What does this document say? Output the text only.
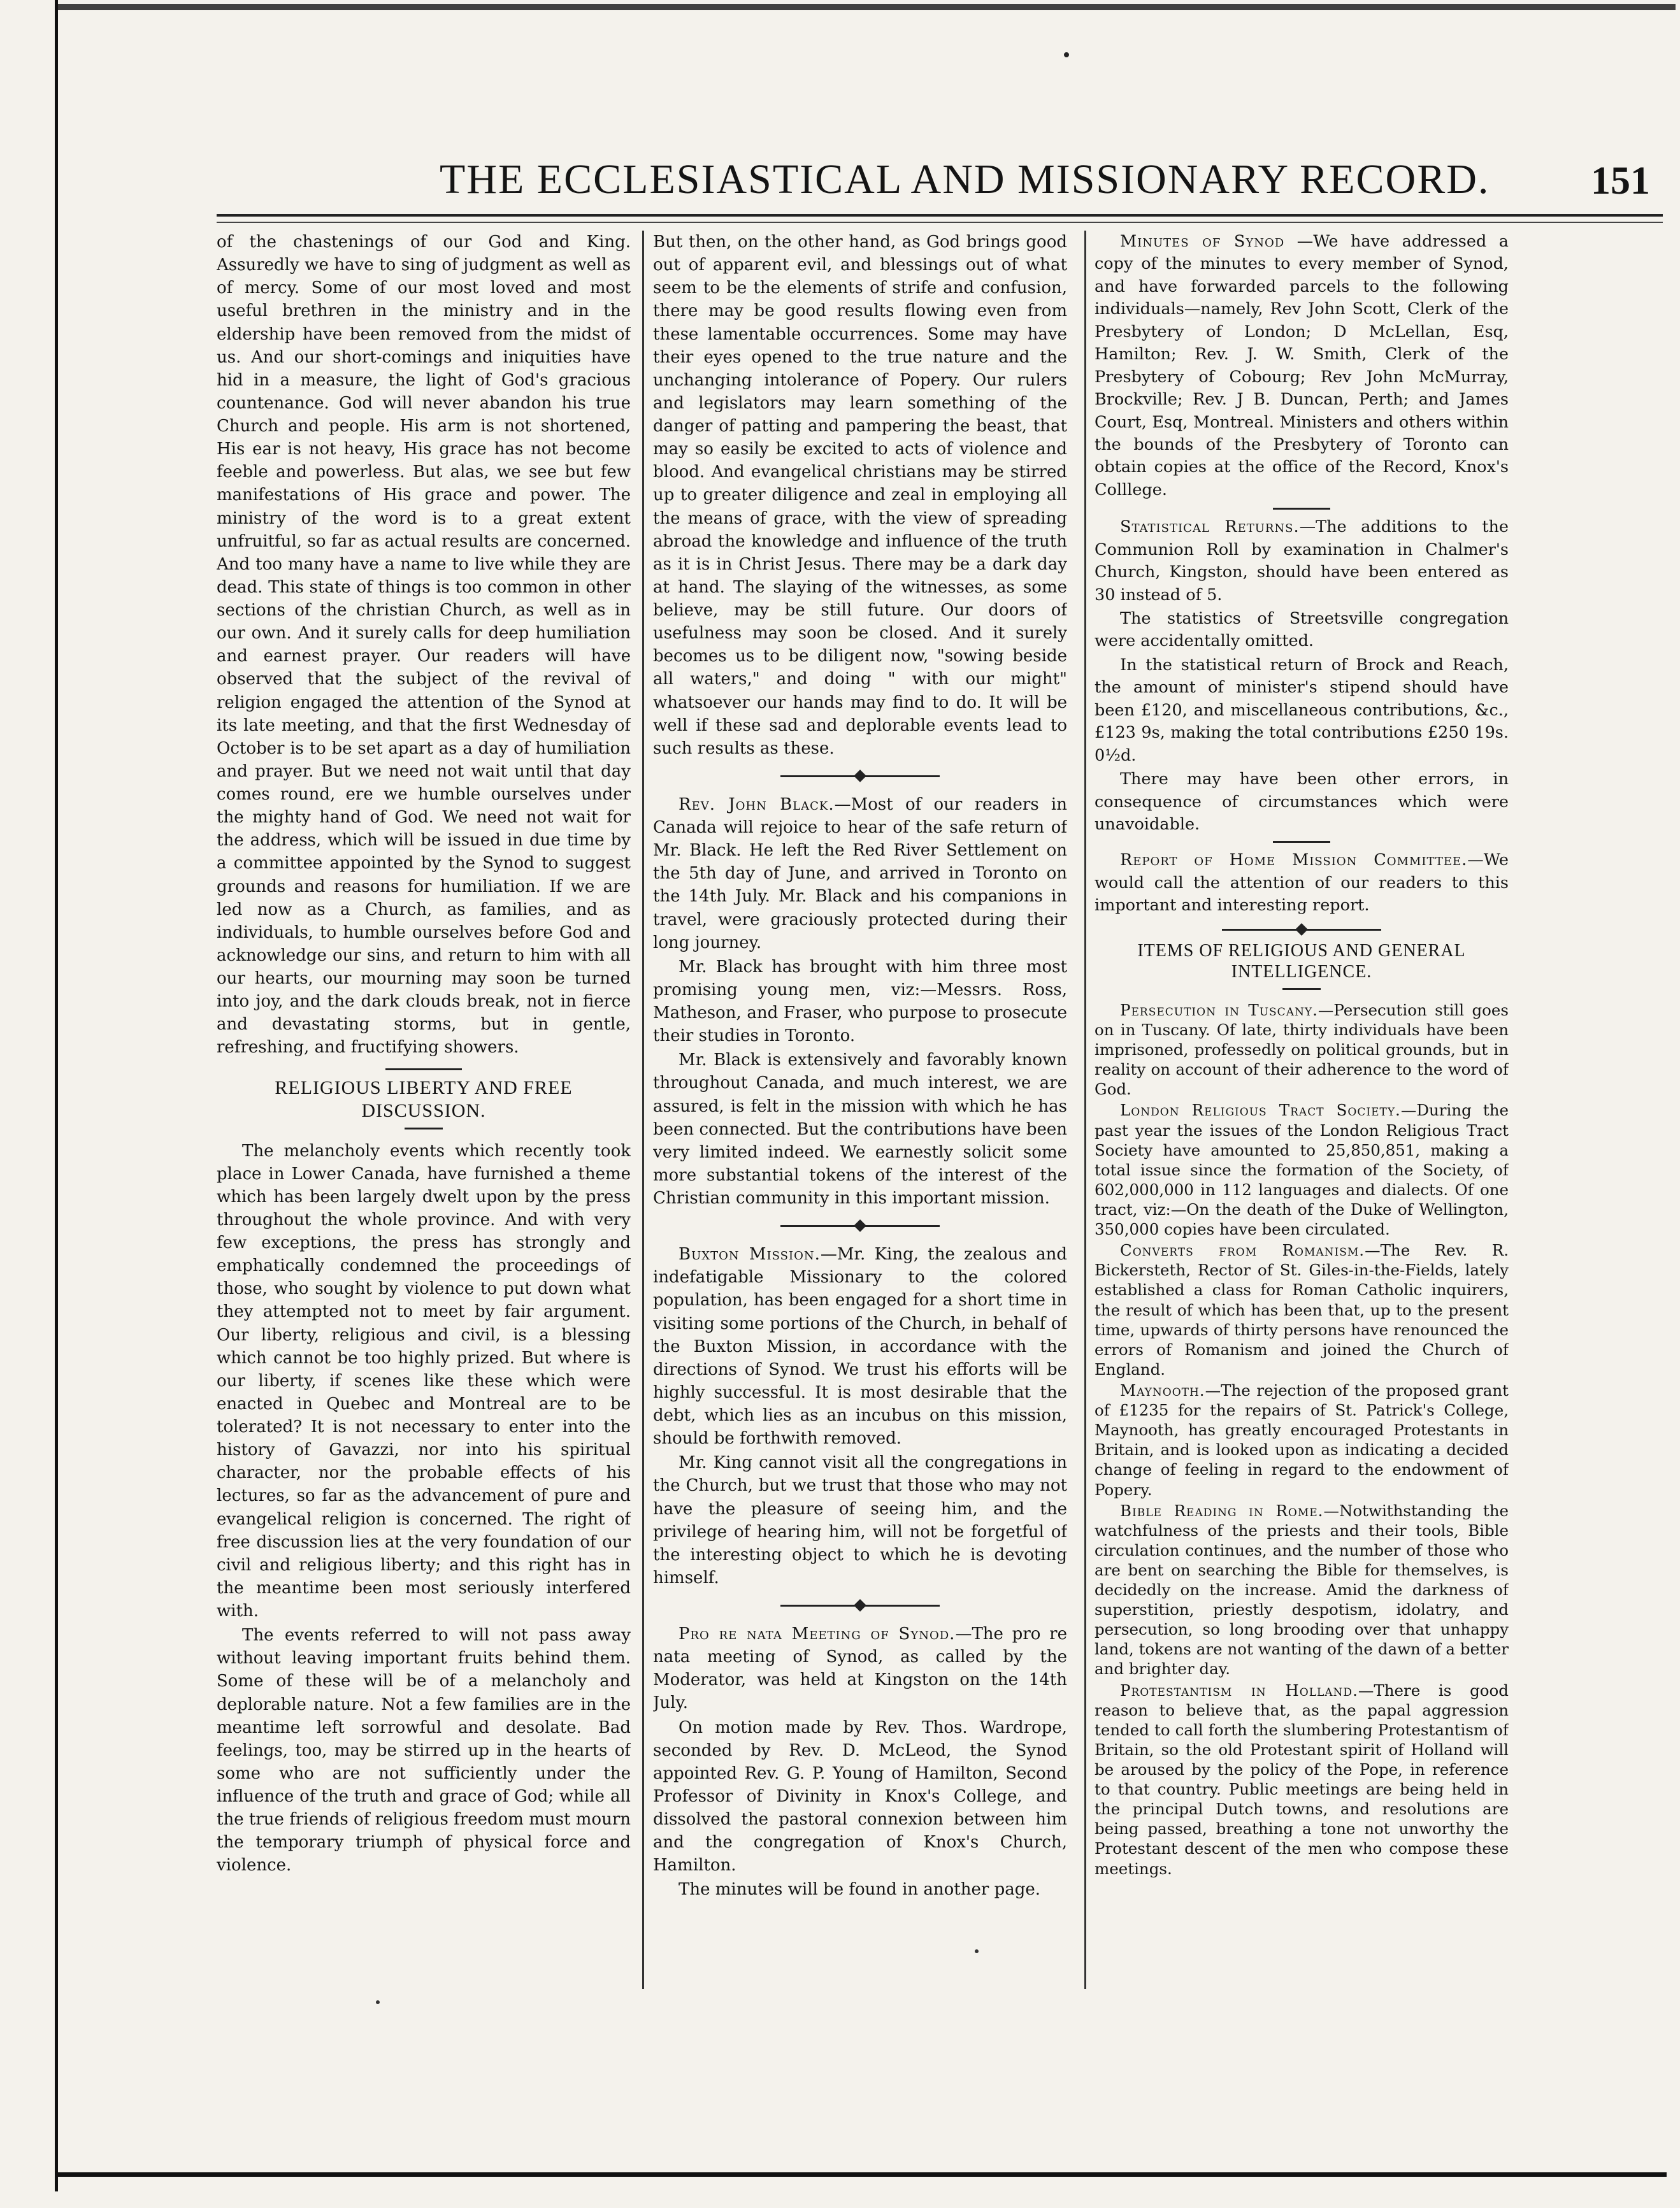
THE ECCLESIASTICAL AND MISSIONARY RECORD.	151

of the chastenings of our God and King. Assuredly we have to sing of judgment as well as of mercy. Some of our most loved and most useful brethren in the ministry and in the eldership have been removed from the midst of us. And our short-comings and iniquities have hid in a measure, the light of God's gracious countenance. God will never abandon his true Church and people. His arm is not shortened, His ear is not heavy, His grace has not become feeble and powerless. But alas, we see but few manifestations of His grace and power. The ministry of the word is to a great extent unfruitful, so far as actual results are concerned. And too many have a name to live while they are dead. This state of things is too common in other sections of the christian Church, as well as in our own. And it surely calls for deep humiliation and earnest prayer. Our readers will have observed that the subject of the revival of religion engaged the attention of the Synod at its late meeting, and that the first Wednesday of October is to be set apart as a day of humiliation and prayer. But we need not wait until that day comes round, ere we humble ourselves under the mighty hand of God. We need not wait for the address, which will be issued in due time by a committee appointed by the Synod to suggest grounds and reasons for humiliation. If we are led now as a Church, as families, and as individuals, to humble ourselves before God and acknowledge our sins, and return to him with all our hearts, our mourning may soon be turned into joy, and the dark clouds break, not in fierce and devastating storms, but in gentle, refreshing, and fructifying showers.

RELIGIOUS LIBERTY AND FREE DISCUSSION.

The melancholy events which recently took place in Lower Canada, have furnished a theme which has been largely dwelt upon by the press throughout the whole province. And with very few exceptions, the press has strongly and emphatically condemned the proceedings of those, who sought by violence to put down what they attempted not to meet by fair argument. Our liberty, religious and civil, is a blessing which cannot be too highly prized. But where is our liberty, if scenes like these which were enacted in Quebec and Montreal are to be tolerated? It is not necessary to enter into the history of Gavazzi, nor into his spiritual character, nor the probable effects of his lectures, so far as the advancement of pure and evangelical religion is concerned. The right of free discussion lies at the very foundation of our civil and religious liberty; and this right has in the meantime been most seriously interfered with.

The events referred to will not pass away without leaving important fruits behind them. Some of these will be of a melancholy and deplorable nature. Not a few families are in the meantime left sorrowful and desolate. Bad feelings, too, may be stirred up in the hearts of some who are not sufficiently under the influence of the truth and grace of God; while all the true friends of religious freedom must mourn the temporary triumph of physical force and violence.

But then, on the other hand, as God brings good out of apparent evil, and blessings out of what seem to be the elements of strife and confusion, there may be good results flowing even from these lamentable occurrences. Some may have their eyes opened to the true nature and the unchanging intolerance of Popery. Our rulers and legislators may learn something of the danger of patting and pampering the beast, that may so easily be excited to acts of violence and blood. And evangelical christians may be stirred up to greater diligence and zeal in employing all the means of grace, with the view of spreading abroad the knowledge and influence of the truth as it is in Christ Jesus. There may be a dark day at hand. The slaying of the witnesses, as some believe, may be still future. Our doors of usefulness may soon be closed. And it surely becomes us to be diligent now, "sowing beside all waters," and doing " with our might" whatsoever our hands may find to do. It will be well if these sad and deplorable events lead to such results as these.

Rev. John Black.—Most of our readers in Canada will rejoice to hear of the safe return of Mr. Black. He left the Red River Settlement on the 5th day of June, and arrived in Toronto on the 14th July. Mr. Black and his companions in travel, were graciously protected during their long journey.

Mr. Black has brought with him three most promising young men, viz:—Messrs. Ross, Matheson, and Fraser, who purpose to prosecute their studies in Toronto.

Mr. Black is extensively and favorably known throughout Canada, and much interest, we are assured, is felt in the mission with which he has been connected. But the contributions have been very limited indeed. We earnestly solicit some more substantial tokens of the interest of the Christian community in this important mission.

Buxton Mission.—Mr. King, the zealous and indefatigable Missionary to the colored population, has been engaged for a short time in visiting some portions of the Church, in behalf of the Buxton Mission, in accordance with the directions of Synod. We trust his efforts will be highly successful. It is most desirable that the debt, which lies as an incubus on this mission, should be forthwith removed.

Mr. King cannot visit all the congregations in the Church, but we trust that those who may not have the pleasure of seeing him, and the privilege of hearing him, will not be forgetful of the interesting object to which he is devoting himself.

Pro re nata Meeting of Synod.—The pro re nata meeting of Synod, as called by the Moderator, was held at Kingston on the 14th July.

On motion made by Rev. Thos. Wardrope, seconded by Rev. D. McLeod, the Synod appointed Rev. G. P. Young of Hamilton, Second Professor of Divinity in Knox's College, and dissolved the pastoral connexion between him and the congregation of Knox's Church, Hamilton.

The minutes will be found in another page.

Minutes of Synod —We have addressed a copy of the minutes to every member of Synod, and have forwarded parcels to the following individuals—namely, Rev John Scott, Clerk of the Presbytery of London; D McLellan, Esq, Hamilton; Rev. J. W. Smith, Clerk of the Presbytery of Cobourg; Rev John McMurray, Brockville; Rev. J B. Duncan, Perth; and James Court, Esq, Montreal. Ministers and others within the bounds of the Presbytery of Toronto can obtain copies at the office of the Record, Knox's Colllege.

Statistical Returns.—The additions to the Communion Roll by examination in Chalmer's Church, Kingston, should have been entered as 30 instead of 5.

The statistics of Streetsville congregation were accidentally omitted.

In the statistical return of Brock and Reach, the amount of minister's stipend should have been £120, and miscellaneous contributions, &c., £123 9s, making the total contributions £250 19s. 0½d.

There may have been other errors, in consequence of circumstances which were unavoidable.

Report of Home Mission Committee.—We would call the attention of our readers to this important and interesting report.

ITEMS OF RELIGIOUS AND GENERAL INTELLIGENCE.

Persecution in Tuscany.—Persecution still goes on in Tuscany. Of late, thirty individuals have been imprisoned, professedly on political grounds, but in reality on account of their adherence to the word of God.

London Religious Tract Society.—During the past year the issues of the London Religious Tract Society have amounted to 25,850,851, making a total issue since the formation of the Society, of 602,000,000 in 112 languages and dialects. Of one tract, viz:—On the death of the Duke of Wellington, 350,000 copies have been circulated.

Converts from Romanism.—The Rev. R. Bickersteth, Rector of St. Giles-in-the-Fields, lately established a class for Roman Catholic inquirers, the result of which has been that, up to the present time, upwards of thirty persons have renounced the errors of Romanism and joined the Church of England.

Maynooth.—The rejection of the proposed grant of £1235 for the repairs of St. Patrick's College, Maynooth, has greatly encouraged Protestants in Britain, and is looked upon as indicating a decided change of feeling in regard to the endowment of Popery.

Bible Reading in Rome.—Notwithstanding the watchfulness of the priests and their tools, Bible circulation continues, and the number of those who are bent on searching the Bible for themselves, is decidedly on the increase. Amid the darkness of superstition, priestly despotism, idolatry, and persecution, so long brooding over that unhappy land, tokens are not wanting of the dawn of a better and brighter day.

Protestantism in Holland.—There is good reason to believe that, as the papal aggression tended to call forth the slumbering Protestantism of Britain, so the old Protestant spirit of Holland will be aroused by the policy of the Pope, in reference to that country. Public meetings are being held in the principal Dutch towns, and resolutions are being passed, breathing a tone not unworthy the Protestant descent of the men who compose these meetings.
